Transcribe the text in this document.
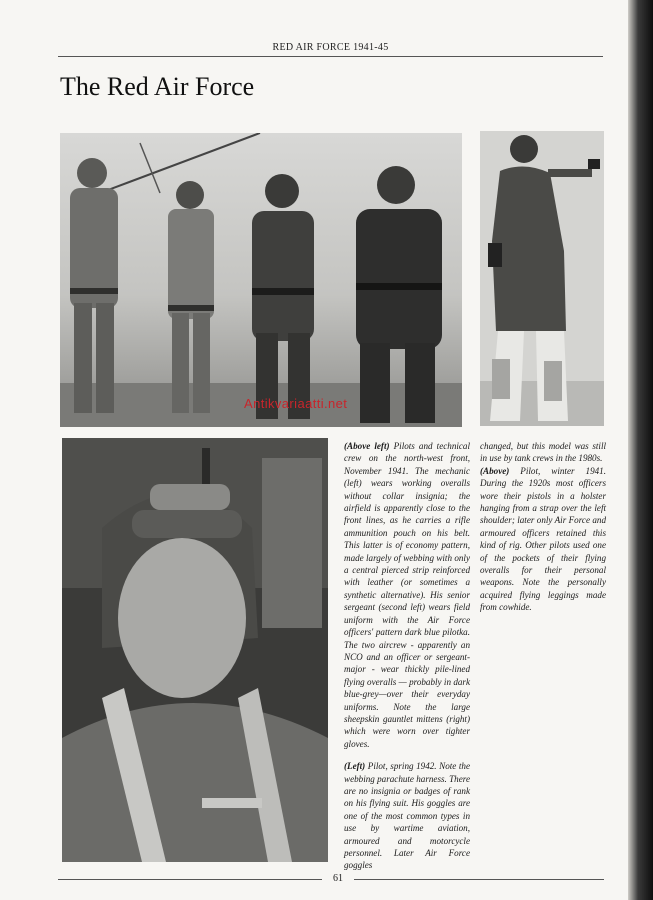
RED AIR FORCE 1941-45
The Red Air Force
Antikvariaatti.net

(Above left) Pilots and technical crew on the north-west front, November 1941. The mechanic (left) wears working overalls without collar insignia; the airfield is apparently close to the front lines, as he carries a rifle ammunition pouch on his belt. This latter is of economy pattern, made largely of webbing with only a central pierced strip reinforced with leather (or sometimes a synthetic alternative). His senior sergeant (second left) wears field uniform with the Air Force officers' pattern dark blue pilotka. The two aircrew - apparently an NCO and an officer or sergeant-major - wear thickly pile-lined flying overalls — probably in dark blue-grey—over their everyday uniforms. Note the large sheepskin gauntlet mittens (right) which were worn over tighter gloves.

(Left) Pilot, spring 1942. Note the webbing parachute harness. There are no insignia or badges of rank on his flying suit. His goggles are one of the most common types in use by wartime aviation, armoured and motorcycle personnel. Later Air Force goggles

changed, but this model was still in use by tank crews in the 1980s.

(Above) Pilot, winter 1941. During the 1920s most officers wore their pistols in a holster hanging from a strap over the left shoulder; later only Air Force and armoured officers retained this kind of rig. Other pilots used one of the pockets of their flying overalls for their personal weapons. Note the personally acquired flying leggings made from cowhide.

61
